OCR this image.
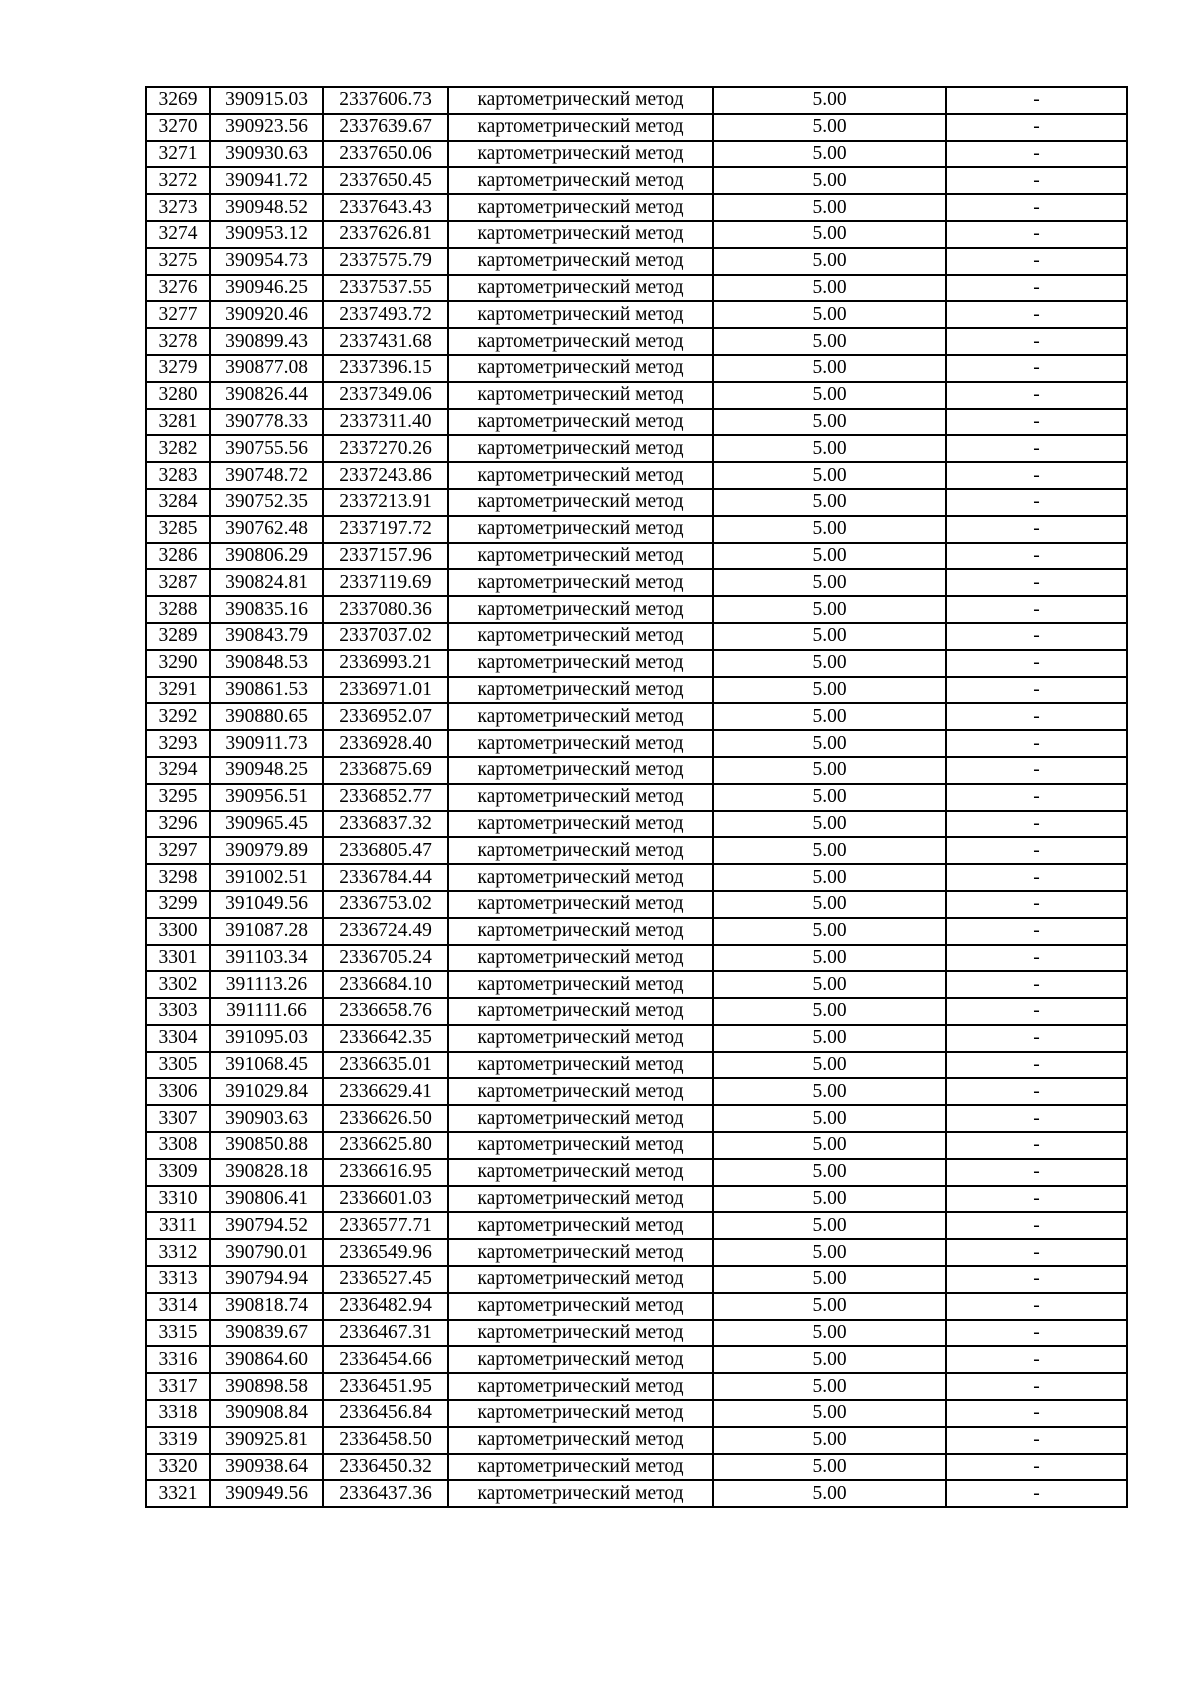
3269	390915.03	2337606.73	картометрический метод	5.00	-
3270	390923.56	2337639.67	картометрический метод	5.00	-
3271	390930.63	2337650.06	картометрический метод	5.00	-
3272	390941.72	2337650.45	картометрический метод	5.00	-
3273	390948.52	2337643.43	картометрический метод	5.00	-
3274	390953.12	2337626.81	картометрический метод	5.00	-
3275	390954.73	2337575.79	картометрический метод	5.00	-
3276	390946.25	2337537.55	картометрический метод	5.00	-
3277	390920.46	2337493.72	картометрический метод	5.00	-
3278	390899.43	2337431.68	картометрический метод	5.00	-
3279	390877.08	2337396.15	картометрический метод	5.00	-
3280	390826.44	2337349.06	картометрический метод	5.00	-
3281	390778.33	2337311.40	картометрический метод	5.00	-
3282	390755.56	2337270.26	картометрический метод	5.00	-
3283	390748.72	2337243.86	картометрический метод	5.00	-
3284	390752.35	2337213.91	картометрический метод	5.00	-
3285	390762.48	2337197.72	картометрический метод	5.00	-
3286	390806.29	2337157.96	картометрический метод	5.00	-
3287	390824.81	2337119.69	картометрический метод	5.00	-
3288	390835.16	2337080.36	картометрический метод	5.00	-
3289	390843.79	2337037.02	картометрический метод	5.00	-
3290	390848.53	2336993.21	картометрический метод	5.00	-
3291	390861.53	2336971.01	картометрический метод	5.00	-
3292	390880.65	2336952.07	картометрический метод	5.00	-
3293	390911.73	2336928.40	картометрический метод	5.00	-
3294	390948.25	2336875.69	картометрический метод	5.00	-
3295	390956.51	2336852.77	картометрический метод	5.00	-
3296	390965.45	2336837.32	картометрический метод	5.00	-
3297	390979.89	2336805.47	картометрический метод	5.00	-
3298	391002.51	2336784.44	картометрический метод	5.00	-
3299	391049.56	2336753.02	картометрический метод	5.00	-
3300	391087.28	2336724.49	картометрический метод	5.00	-
3301	391103.34	2336705.24	картометрический метод	5.00	-
3302	391113.26	2336684.10	картометрический метод	5.00	-
3303	391111.66	2336658.76	картометрический метод	5.00	-
3304	391095.03	2336642.35	картометрический метод	5.00	-
3305	391068.45	2336635.01	картометрический метод	5.00	-
3306	391029.84	2336629.41	картометрический метод	5.00	-
3307	390903.63	2336626.50	картометрический метод	5.00	-
3308	390850.88	2336625.80	картометрический метод	5.00	-
3309	390828.18	2336616.95	картометрический метод	5.00	-
3310	390806.41	2336601.03	картометрический метод	5.00	-
3311	390794.52	2336577.71	картометрический метод	5.00	-
3312	390790.01	2336549.96	картометрический метод	5.00	-
3313	390794.94	2336527.45	картометрический метод	5.00	-
3314	390818.74	2336482.94	картометрический метод	5.00	-
3315	390839.67	2336467.31	картометрический метод	5.00	-
3316	390864.60	2336454.66	картометрический метод	5.00	-
3317	390898.58	2336451.95	картометрический метод	5.00	-
3318	390908.84	2336456.84	картометрический метод	5.00	-
3319	390925.81	2336458.50	картометрический метод	5.00	-
3320	390938.64	2336450.32	картометрический метод	5.00	-
3321	390949.56	2336437.36	картометрический метод	5.00	-
